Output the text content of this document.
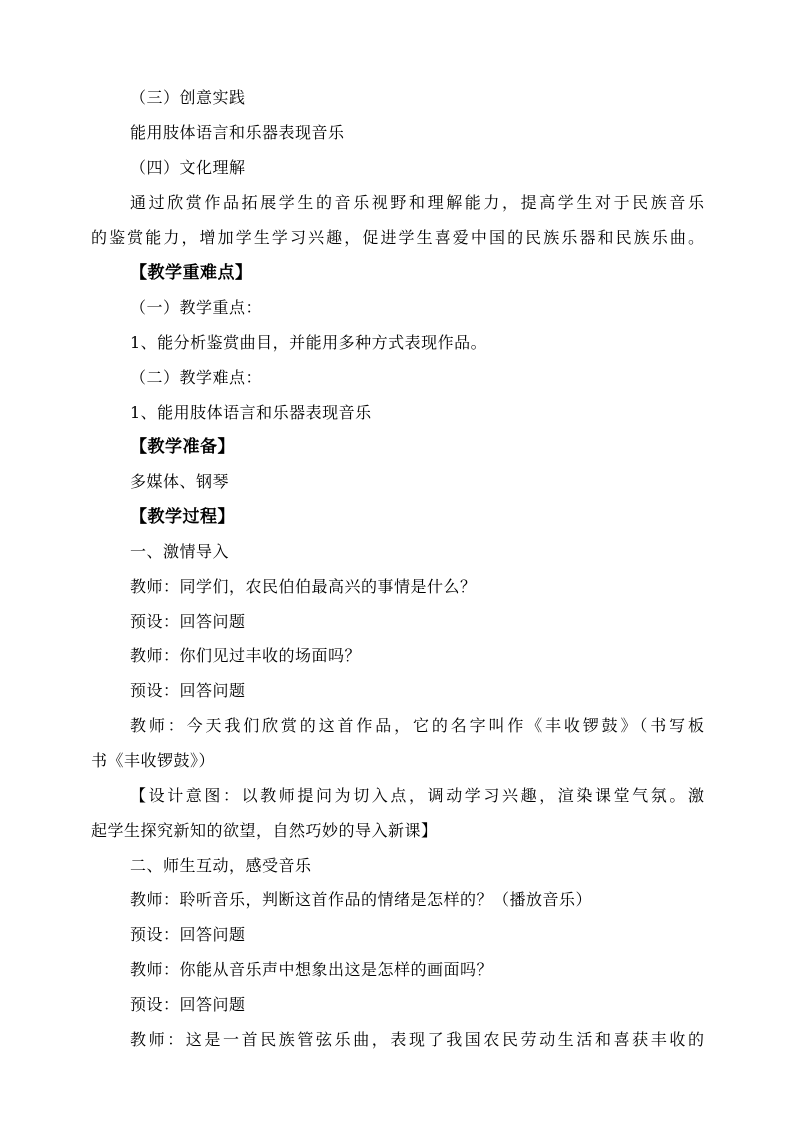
（三）创意实践
能用肢体语言和乐器表现音乐
（四）文化理解
通过欣赏作品拓展学生的音乐视野和理解能力，提高学生对于民族音乐
的鉴赏能力，增加学生学习兴趣，促进学生喜爱中国的民族乐器和民族乐曲。
【教学重难点】
（一）教学重点：
1、能分析鉴赏曲目，并能用多种方式表现作品。
（二）教学难点：
1、能用肢体语言和乐器表现音乐
【教学准备】
多媒体、钢琴
【教学过程】
一、激情导入
教师：同学们，农民伯伯最高兴的事情是什么？
预设：回答问题
教师：你们见过丰收的场面吗？
预设：回答问题
教师：今天我们欣赏的这首作品，它的名字叫作《丰收锣鼓》（书写板
书《丰收锣鼓》）
【设计意图：以教师提问为切入点，调动学习兴趣，渲染课堂气氛。激
起学生探究新知的欲望，自然巧妙的导入新课】
二、师生互动，感受音乐
教师：聆听音乐，判断这首作品的情绪是怎样的？（播放音乐）
预设：回答问题
教师：你能从音乐声中想象出这是怎样的画面吗？
预设：回答问题
教师：这是一首民族管弦乐曲，表现了我国农民劳动生活和喜获丰收的
